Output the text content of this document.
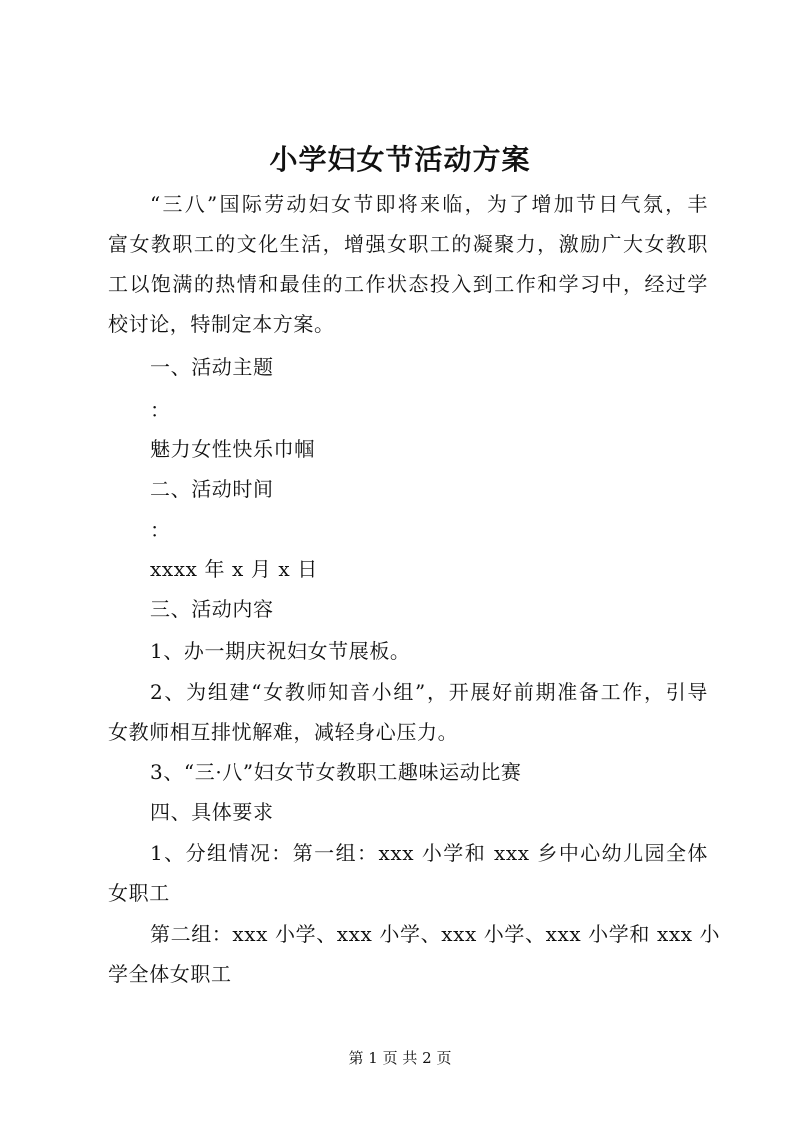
小学妇女节活动方案
“三八”国际劳动妇女节即将来临，为了增加节日气氛，丰
富女教职工的文化生活，增强女职工的凝聚力，激励广大女教职
工以饱满的热情和最佳的工作状态投入到工作和学习中，经过学
校讨论，特制定本方案。
一、活动主题
：
魅力女性快乐巾帼
二、活动时间
：
xxxx 年 x 月 x 日
三、活动内容
1、办一期庆祝妇女节展板。
2、为组建“女教师知音小组”，开展好前期准备工作，引导
女教师相互排忧解难，减轻身心压力。
3、“三·八”妇女节女教职工趣味运动比赛
四、具体要求
1、分组情况：第一组：xxx 小学和 xxx 乡中心幼儿园全体
女职工
第二组：xxx 小学、xxx 小学、xxx 小学、xxx 小学和 xxx 小
学全体女职工
第 1 页 共 2 页
